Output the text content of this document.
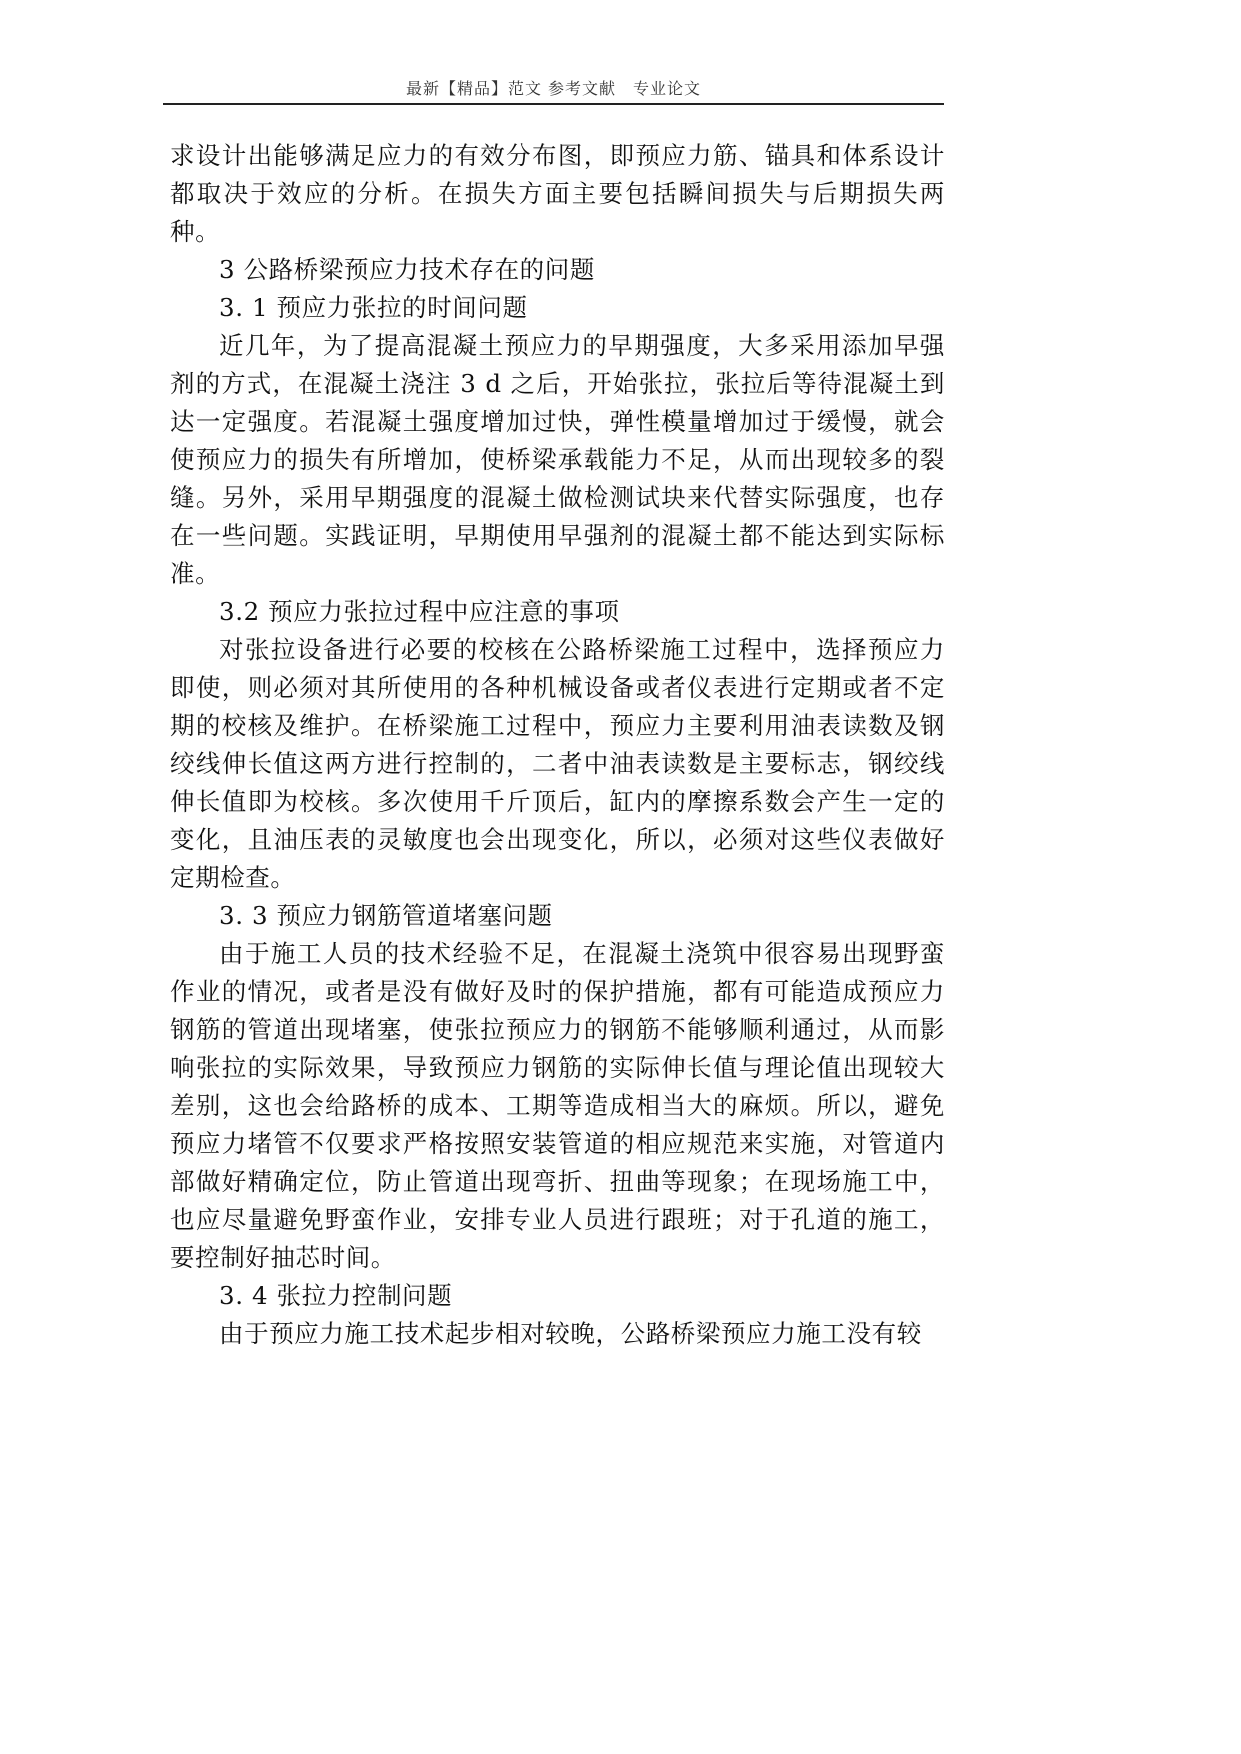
最新【精品】范文 参考文献　专业论文

求设计出能够满足应力的有效分布图，即预应力筋、锚具和体系设计都取决于效应的分析。在损失方面主要包括瞬间损失与后期损失两种。

3 公路桥梁预应力技术存在的问题

3. 1 预应力张拉的时间问题

近几年，为了提高混凝土预应力的早期强度，大多采用添加早强剂的方式，在混凝土浇注 3 d 之后，开始张拉，张拉后等待混凝土到达一定强度。若混凝土强度增加过快，弹性模量增加过于缓慢，就会使预应力的损失有所增加，使桥梁承载能力不足，从而出现较多的裂缝。另外，采用早期强度的混凝土做检测试块来代替实际强度，也存在一些问题。实践证明，早期使用早强剂的混凝土都不能达到实际标准。

3.2 预应力张拉过程中应注意的事项

对张拉设备进行必要的校核在公路桥梁施工过程中，选择预应力即使，则必须对其所使用的各种机械设备或者仪表进行定期或者不定期的校核及维护。在桥梁施工过程中，预应力主要利用油表读数及钢绞线伸长值这两方进行控制的，二者中油表读数是主要标志，钢绞线伸长值即为校核。多次使用千斤顶后，缸内的摩擦系数会产生一定的变化，且油压表的灵敏度也会出现变化，所以，必须对这些仪表做好定期检查。

3. 3 预应力钢筋管道堵塞问题

由于施工人员的技术经验不足，在混凝土浇筑中很容易出现野蛮作业的情况，或者是没有做好及时的保护措施，都有可能造成预应力钢筋的管道出现堵塞，使张拉预应力的钢筋不能够顺利通过，从而影响张拉的实际效果，导致预应力钢筋的实际伸长值与理论值出现较大差别，这也会给路桥的成本、工期等造成相当大的麻烦。所以，避免预应力堵管不仅要求严格按照安装管道的相应规范来实施，对管道内部做好精确定位，防止管道出现弯折、扭曲等现象；在现场施工中，也应尽量避免野蛮作业，安排专业人员进行跟班；对于孔道的施工，要控制好抽芯时间。

3. 4 张拉力控制问题

由于预应力施工技术起步相对较晚，公路桥梁预应力施工没有较
